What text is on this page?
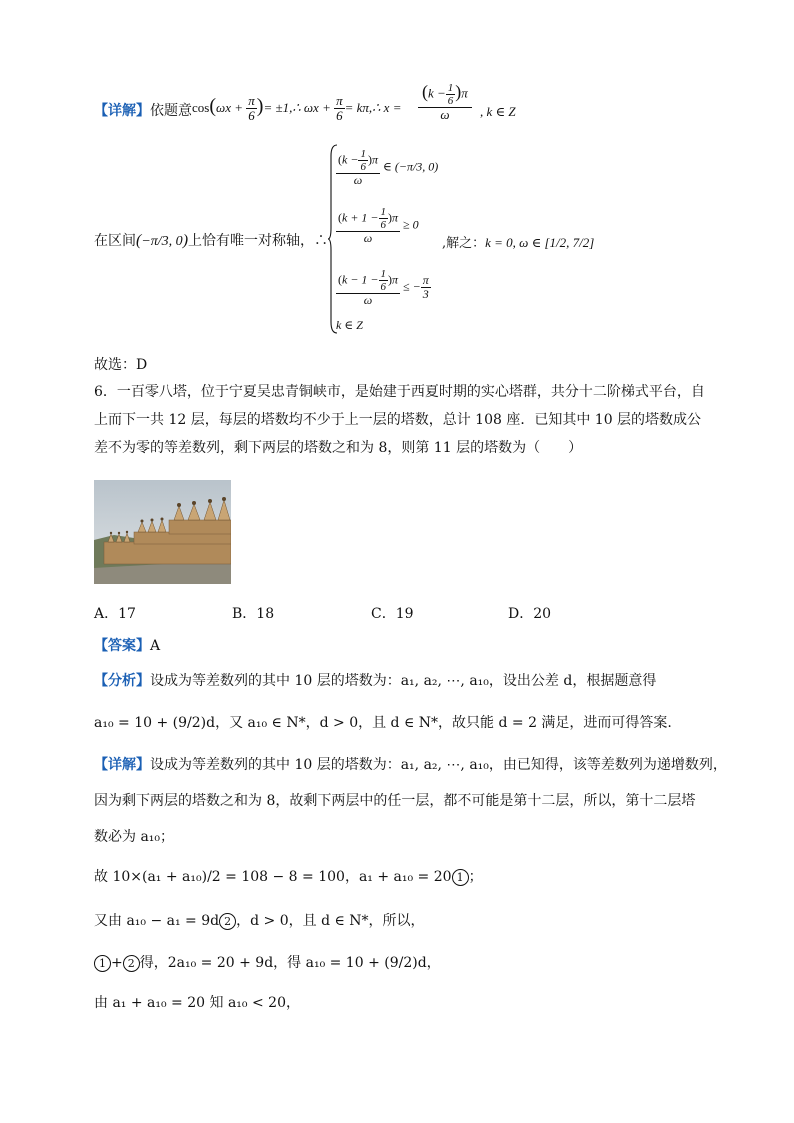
【详解】依题意 $\cos(\omega x + \frac{\pi}{6}$ )= ±1,∴ $\omega x + \frac{\pi}{6}$ = kπ,∴ $x = \frac{(k - \frac{1}{6} )\pi}{\omega}$ , k ∈ Z
在区间(−π/3, 0)上恰有唯一对称轴，∴
$\frac{(k - \frac{1}{6} )\pi}{\omega}$ ∈ (−π/3, 0)
$\frac{(k + 1 - \frac{1}{6} )\pi}{\omega} \ge 0$
$\frac{(k - 1 - \frac{1}{6} )\pi}{\omega}$ ≤ − $\frac{\pi}{3}$
k ∈ Z
,解之：k = 0, ω ∈ [1/2, 7/2]
故选：D
6．一百零八塔，位于宁夏吴忠青铜峡市，是始建于西夏时期的实心塔群，共分十二阶梯式平台，自上而下一共 12 层，每层的塔数均不少于上一层的塔数，总计 108 座．已知其中 10 层的塔数成公差不为零的等差数列，剩下两层的塔数之和为 8，则第 11 层的塔数为（　　）
A．17	B．18	C．19	D．20
【答案】A
【分析】设成为等差数列的其中 10 层的塔数为：a₁, a₂, ⋯, a₁₀，设出公差 d，根据题意得
a₁₀ = 10 + (9/2)d，又 a₁₀ ∈ N*，d > 0，且 d ∈ N*，故只能 d = 2 满足，进而可得答案.
【详解】设成为等差数列的其中 10 层的塔数为：a₁, a₂, ⋯, a₁₀，由已知得，该等差数列为递增数列，
因为剩下两层的塔数之和为 8，故剩下两层中的任一层，都不可能是第十二层，所以，第十二层塔
数必为 a₁₀；
故 10×(a₁ + a₁₀)/2 = 108 − 8 = 100，a₁ + a₁₀ = 20 1 ；
又由 a₁₀ − a₁ = 9d 2 ，d > 0，且 d ∈ N*，所以，
1 + 2 得，2a₁₀ = 20 + 9d，得 a₁₀ = 10 + (9/2)d，
由 a₁ + a₁₀ = 20 知 a₁₀ < 20，
